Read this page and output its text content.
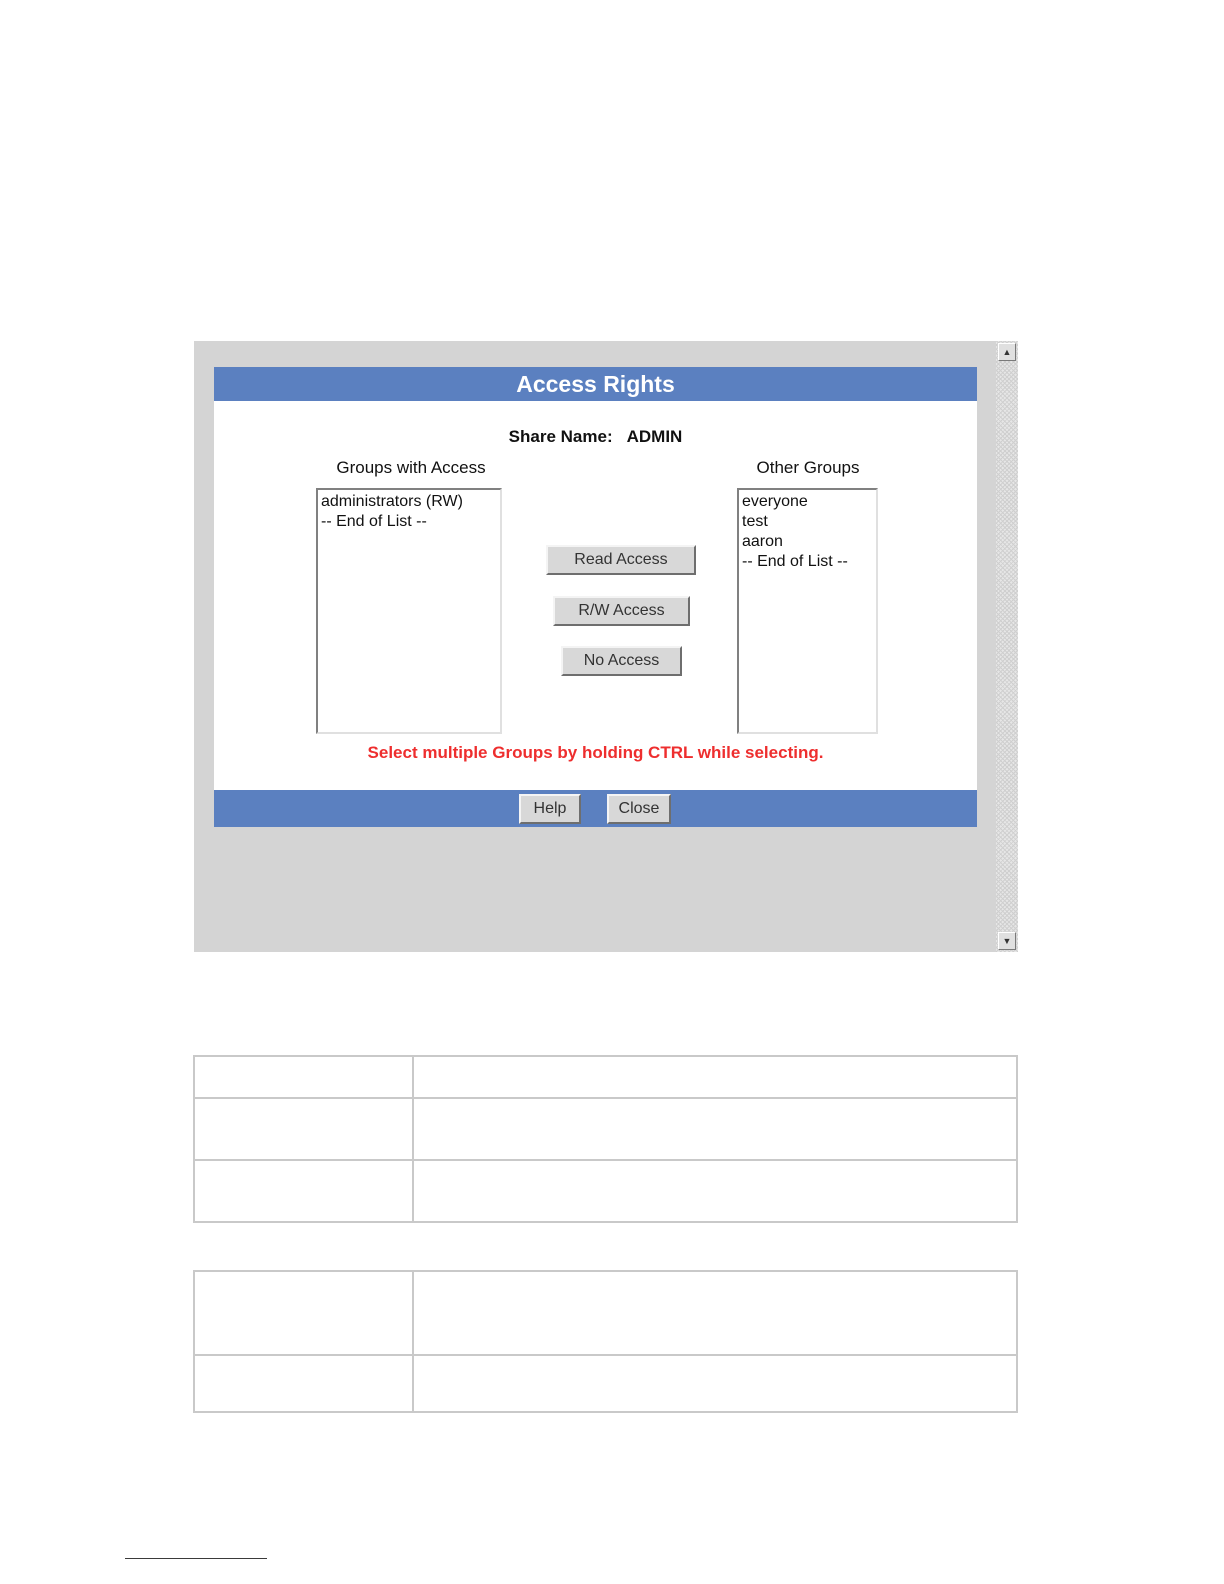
Access Rights
Share Name: ADMIN
Groups with Access	Other Groups
administrators (RW)
-- End of List --
everyone
test
aaron
-- End of List --
Read Access
R/W Access
No Access
Select multiple Groups by holding CTRL while selecting.
Help	Close
▲
▼
